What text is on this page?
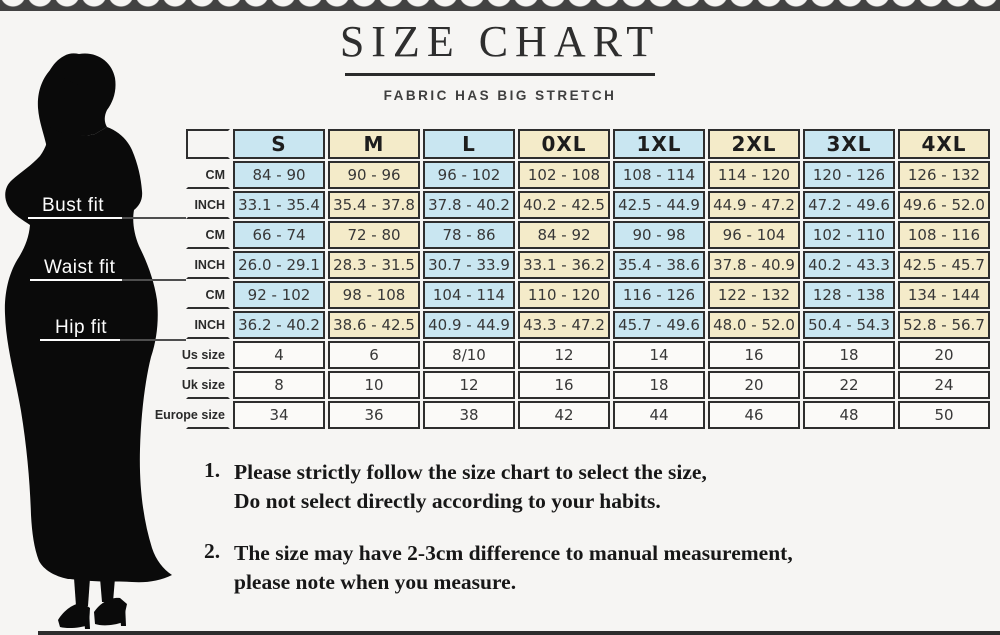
SIZE CHART
FABRIC HAS BIG STRETCH
Bust fit
Waist fit
Hip fit
	S	M	L	0XL	1XL	2XL	3XL	4XL

CM	84 - 90	90 - 96	96 - 102	102 - 108	108 - 114	114 - 120	120 - 126	126 - 132

INCH	33.1 - 35.4	35.4 - 37.8	37.8 - 40.2	40.2 - 42.5	42.5 - 44.9	44.9 - 47.2	47.2 - 49.6	49.6 - 52.0

CM	66 - 74	72 - 80	78 - 86	84 - 92	90 - 98	96 - 104	102 - 110	108 - 116

INCH	26.0 - 29.1	28.3 - 31.5	30.7 - 33.9	33.1 - 36.2	35.4 - 38.6	37.8 - 40.9	40.2 - 43.3	42.5 - 45.7

CM	92 - 102	98 - 108	104 - 114	110 - 120	116 - 126	122 - 132	128 - 138	134 - 144

INCH	36.2 - 40.2	38.6 - 42.5	40.9 - 44.9	43.3 - 47.2	45.7 - 49.6	48.0 - 52.0	50.4 - 54.3	52.8 - 56.7

Us size	4	6	8/10	12	14	16	18	20

Uk size	8	10	12	16	18	20	22	24

Europe size	34	36	38	42	44	46	48	50
1. Please strictly follow the size chart to select the size,
Do not select directly according to your habits.
2. The size may have 2-3cm difference to manual measurement,
please note when you measure.
